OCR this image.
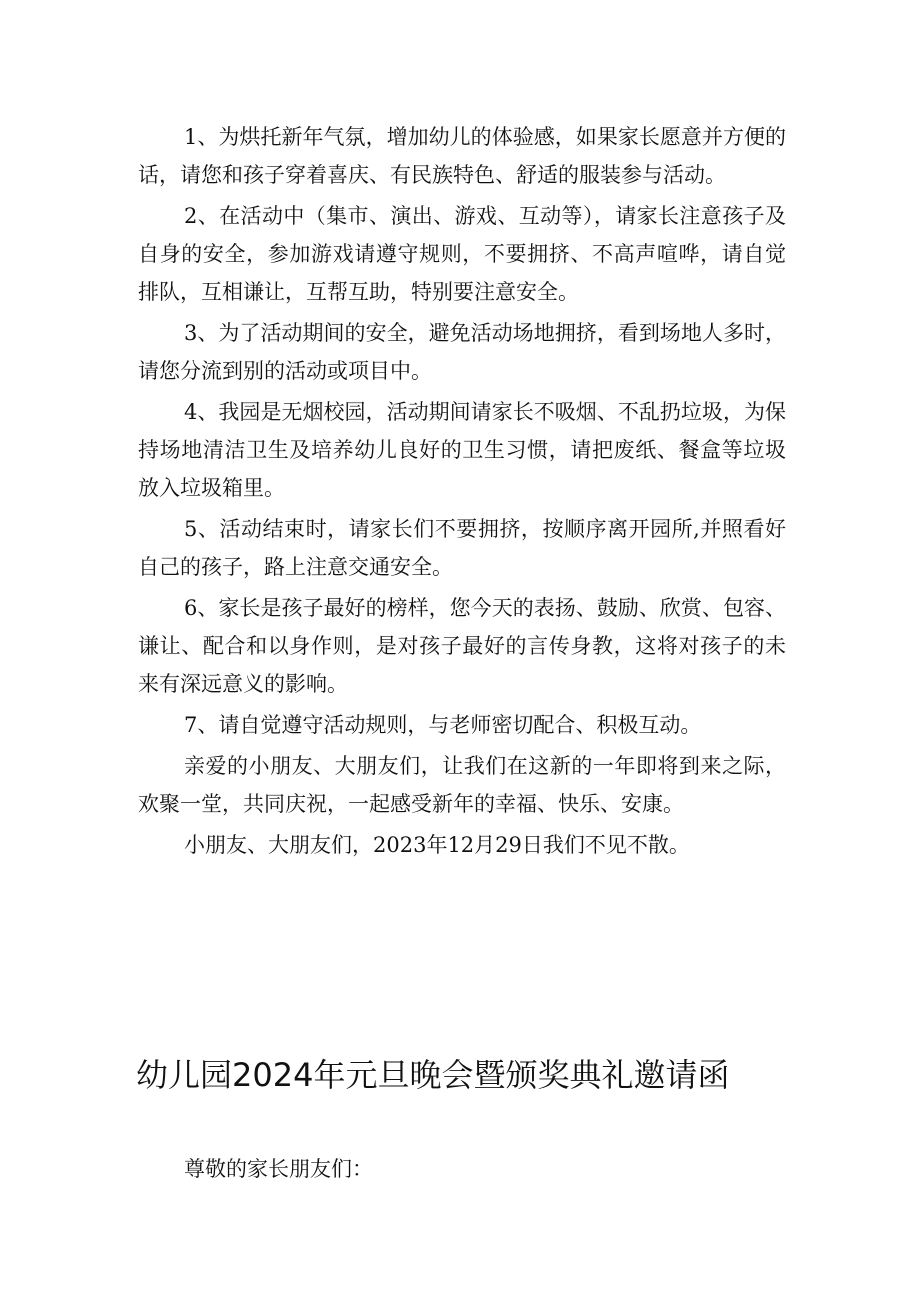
1、为烘托新年气氛，增加幼儿的体验感，如果家长愿意并方便的话，请您和孩子穿着喜庆、有民族特色、舒适的服装参与活动。

2、在活动中（集市、演出、游戏、互动等），请家长注意孩子及自身的安全，参加游戏请遵守规则，不要拥挤、不高声喧哗，请自觉排队，互相谦让，互帮互助，特别要注意安全。

3、为了活动期间的安全，避免活动场地拥挤，看到场地人多时，请您分流到别的活动或项目中。

4、我园是无烟校园，活动期间请家长不吸烟、不乱扔垃圾，为保持场地清洁卫生及培养幼儿良好的卫生习惯，请把废纸、餐盒等垃圾放入垃圾箱里。

5、活动结束时，请家长们不要拥挤，按顺序离开园所,并照看好自己的孩子，路上注意交通安全。

6、家长是孩子最好的榜样，您今天的表扬、鼓励、欣赏、包容、谦让、配合和以身作则，是对孩子最好的言传身教，这将对孩子的未来有深远意义的影响。

7、请自觉遵守活动规则，与老师密切配合、积极互动。

亲爱的小朋友、大朋友们，让我们在这新的一年即将到来之际，欢聚一堂，共同庆祝，一起感受新年的幸福、快乐、安康。

小朋友、大朋友们，2023年12月29日我们不见不散。

幼儿园2024年元旦晚会暨颁奖典礼邀请函

尊敬的家长朋友们：
